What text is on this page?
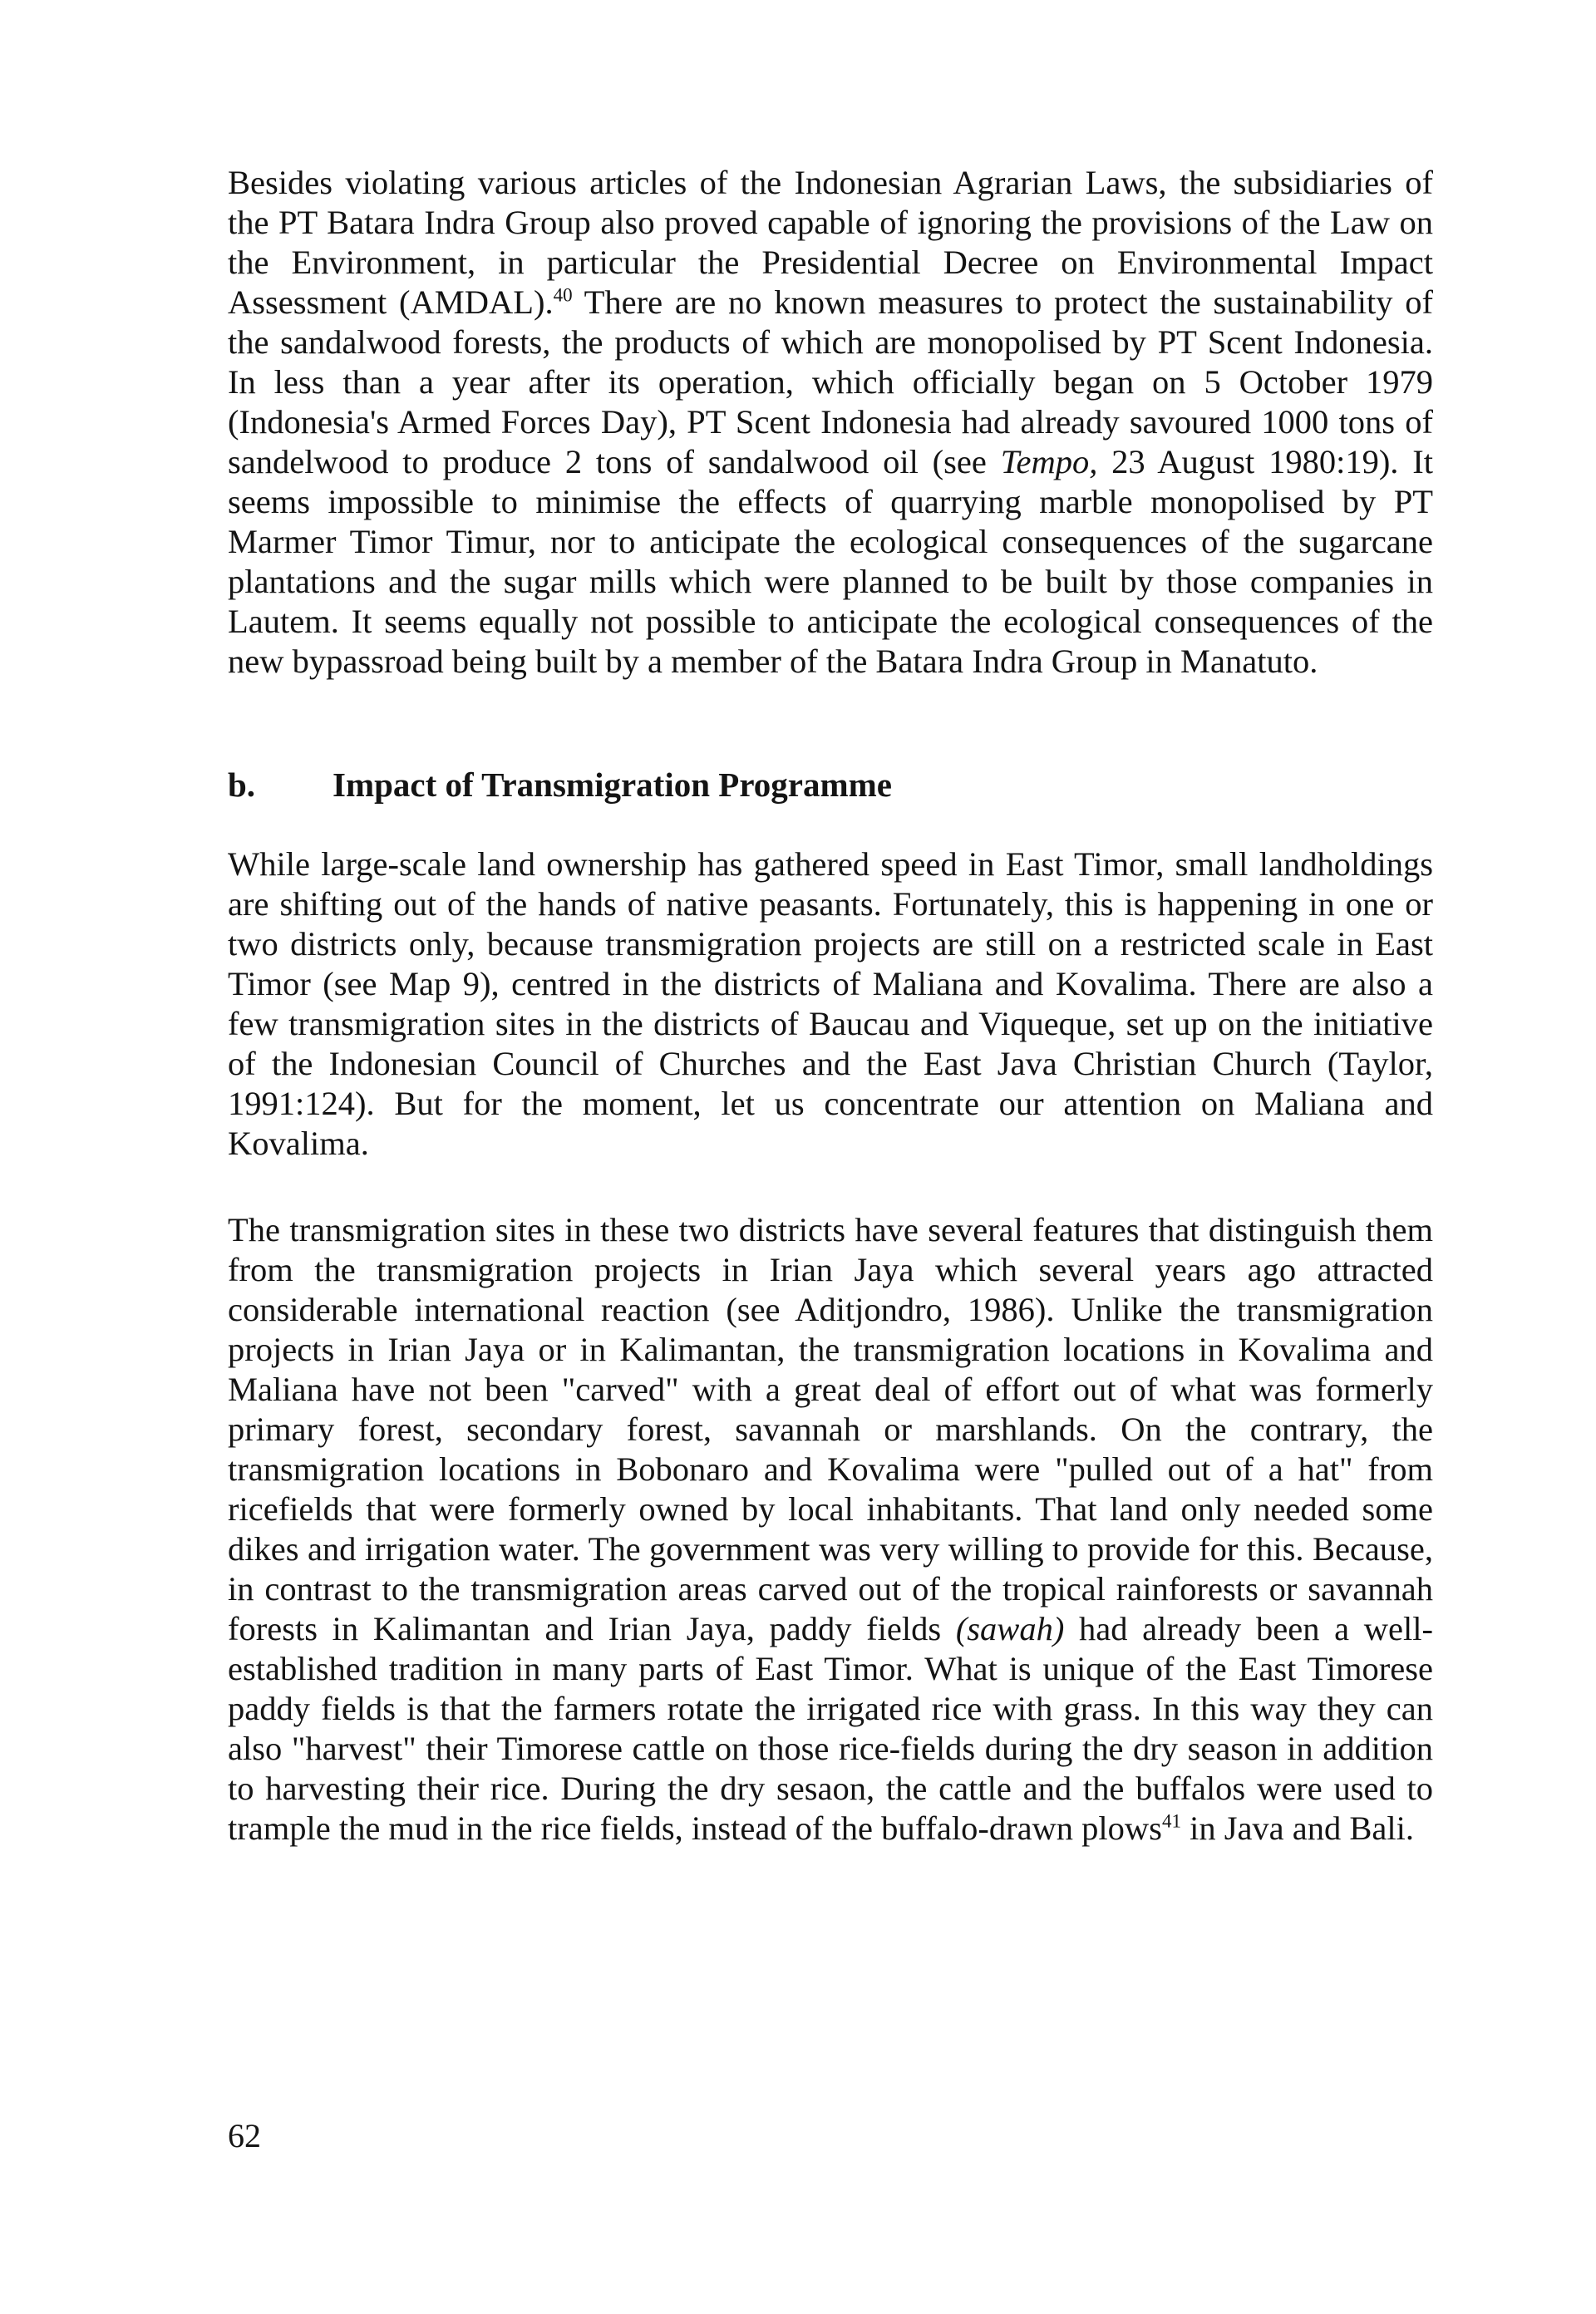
Besides violating various articles of the Indonesian Agrarian Laws, the subsidiaries of the PT Batara Indra Group also proved capable of ignoring the provisions of the Law on the Environment, in particular the Presidential Decree on Environmental Impact Assessment (AMDAL).$^{40}$ There are no known measures to protect the sustainability of the sandalwood forests, the products of which are monopolised by PT Scent Indonesia. In less than a year after its operation, which officially began on 5 October 1979 (Indonesia's Armed Forces Day), PT Scent Indonesia had already savoured 1000 tons of sandelwood to produce 2 tons of sandalwood oil (see Tempo, 23 August 1980:19). It seems impossible to minimise the effects of quarrying marble monopolised by PT Marmer Timor Timur, nor to anticipate the ecological consequences of the sugarcane plantations and the sugar mills which were planned to be built by those companies in Lautem. It seems equally not possible to anticipate the ecological consequences of the new bypassroad being built by a member of the Batara Indra Group in Manatuto.

b.	Impact of Transmigration Programme

While large-scale land ownership has gathered speed in East Timor, small landholdings are shifting out of the hands of native peasants. Fortunately, this is happening in one or two districts only, because transmigration projects are still on a restricted scale in East Timor (see Map 9), centred in the districts of Maliana and Kovalima. There are also a few transmigration sites in the districts of Baucau and Viqueque, set up on the initiative of the Indonesian Council of Churches and the East Java Christian Church (Taylor, 1991:124). But for the moment, let us concentrate our attention on Maliana and Kovalima.

The transmigration sites in these two districts have several features that distinguish them from the transmigration projects in Irian Jaya which several years ago attracted considerable international reaction (see Aditjondro, 1986). Unlike the transmigration projects in Irian Jaya or in Kalimantan, the transmigration locations in Kovalima and Maliana have not been "carved" with a great deal of effort out of what was formerly primary forest, secondary forest, savannah or marshlands. On the contrary, the transmigration locations in Bobonaro and Kovalima were "pulled out of a hat" from ricefields that were formerly owned by local inhabitants. That land only needed some dikes and irrigation water. The government was very willing to provide for this. Because, in contrast to the transmigration areas carved out of the tropical rainforests or savannah forests in Kalimantan and Irian Jaya, paddy fields (sawah) had already been a well-established tradition in many parts of East Timor. What is unique of the East Timorese paddy fields is that the farmers rotate the irrigated rice with grass. In this way they can also "harvest" their Timorese cattle on those rice-fields during the dry season in addition to harvesting their rice. During the dry sesaon, the cattle and the buffalos were used to trample the mud in the rice fields, instead of the buffalo-drawn plows$^{41}$ in Java and Bali.

62
